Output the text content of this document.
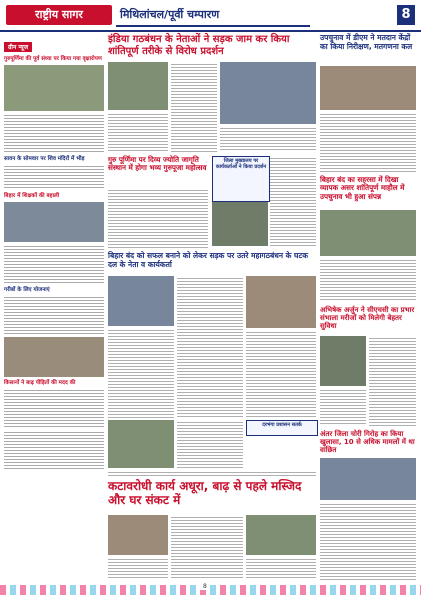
राष्ट्रीय सागर	मिथिलांचल/पूर्वी चम्पारण	8
ग्रीन न्यूज
गुरुपूर्णिमा की पूर्व संध्या पर किया गया वृक्षारोपण
सावन के सोमवार पर शिव मंदिरों में भीड़
बिहार में शिक्षकों की बहाली
गरीबों के लिए योजनाएं
किसानों ने बाढ़ पीड़ितों की मदद की
इंडिया गठबंधन के नेताओं ने सड़क जाम कर किया शांतिपूर्ण तरीके से विरोध प्रदर्शन
उपचुनाव में डीएम ने मतदान केंद्रों का किया निरीक्षण, मतगणना कल
गुरु पूर्णिमा पर दिव्य ज्योति जागृति संस्थान में होगा भव्य गुरुपूजा महोत्सव
जिला मुख्यालय पर कार्यकर्ताओं ने किया प्रदर्शन
बिहार बंद का सहरसा में दिखा व्यापक असर शांतिपूर्ण माहौल में उपचुनाव भी हुआ संपन्न
बिहार बंद को सफल बनाने को लेकर सड़क पर उतरे महागठबंधन के घटक दल के नेता व कार्यकर्ता
दरभंगा प्रशासन सतर्क
अभिषेक अर्जुन ने सीएचसी का प्रभार संभाला मरीजों को मिलेगी बेहतर सुविधा
कटावरोधी कार्य अधूरा, बाढ़ से पहले मस्जिद और घर संकट में
अंतर जिला चोरी गिरोह का किया खुलासा, 10 से अधिक मामलों में था वांछित
8
